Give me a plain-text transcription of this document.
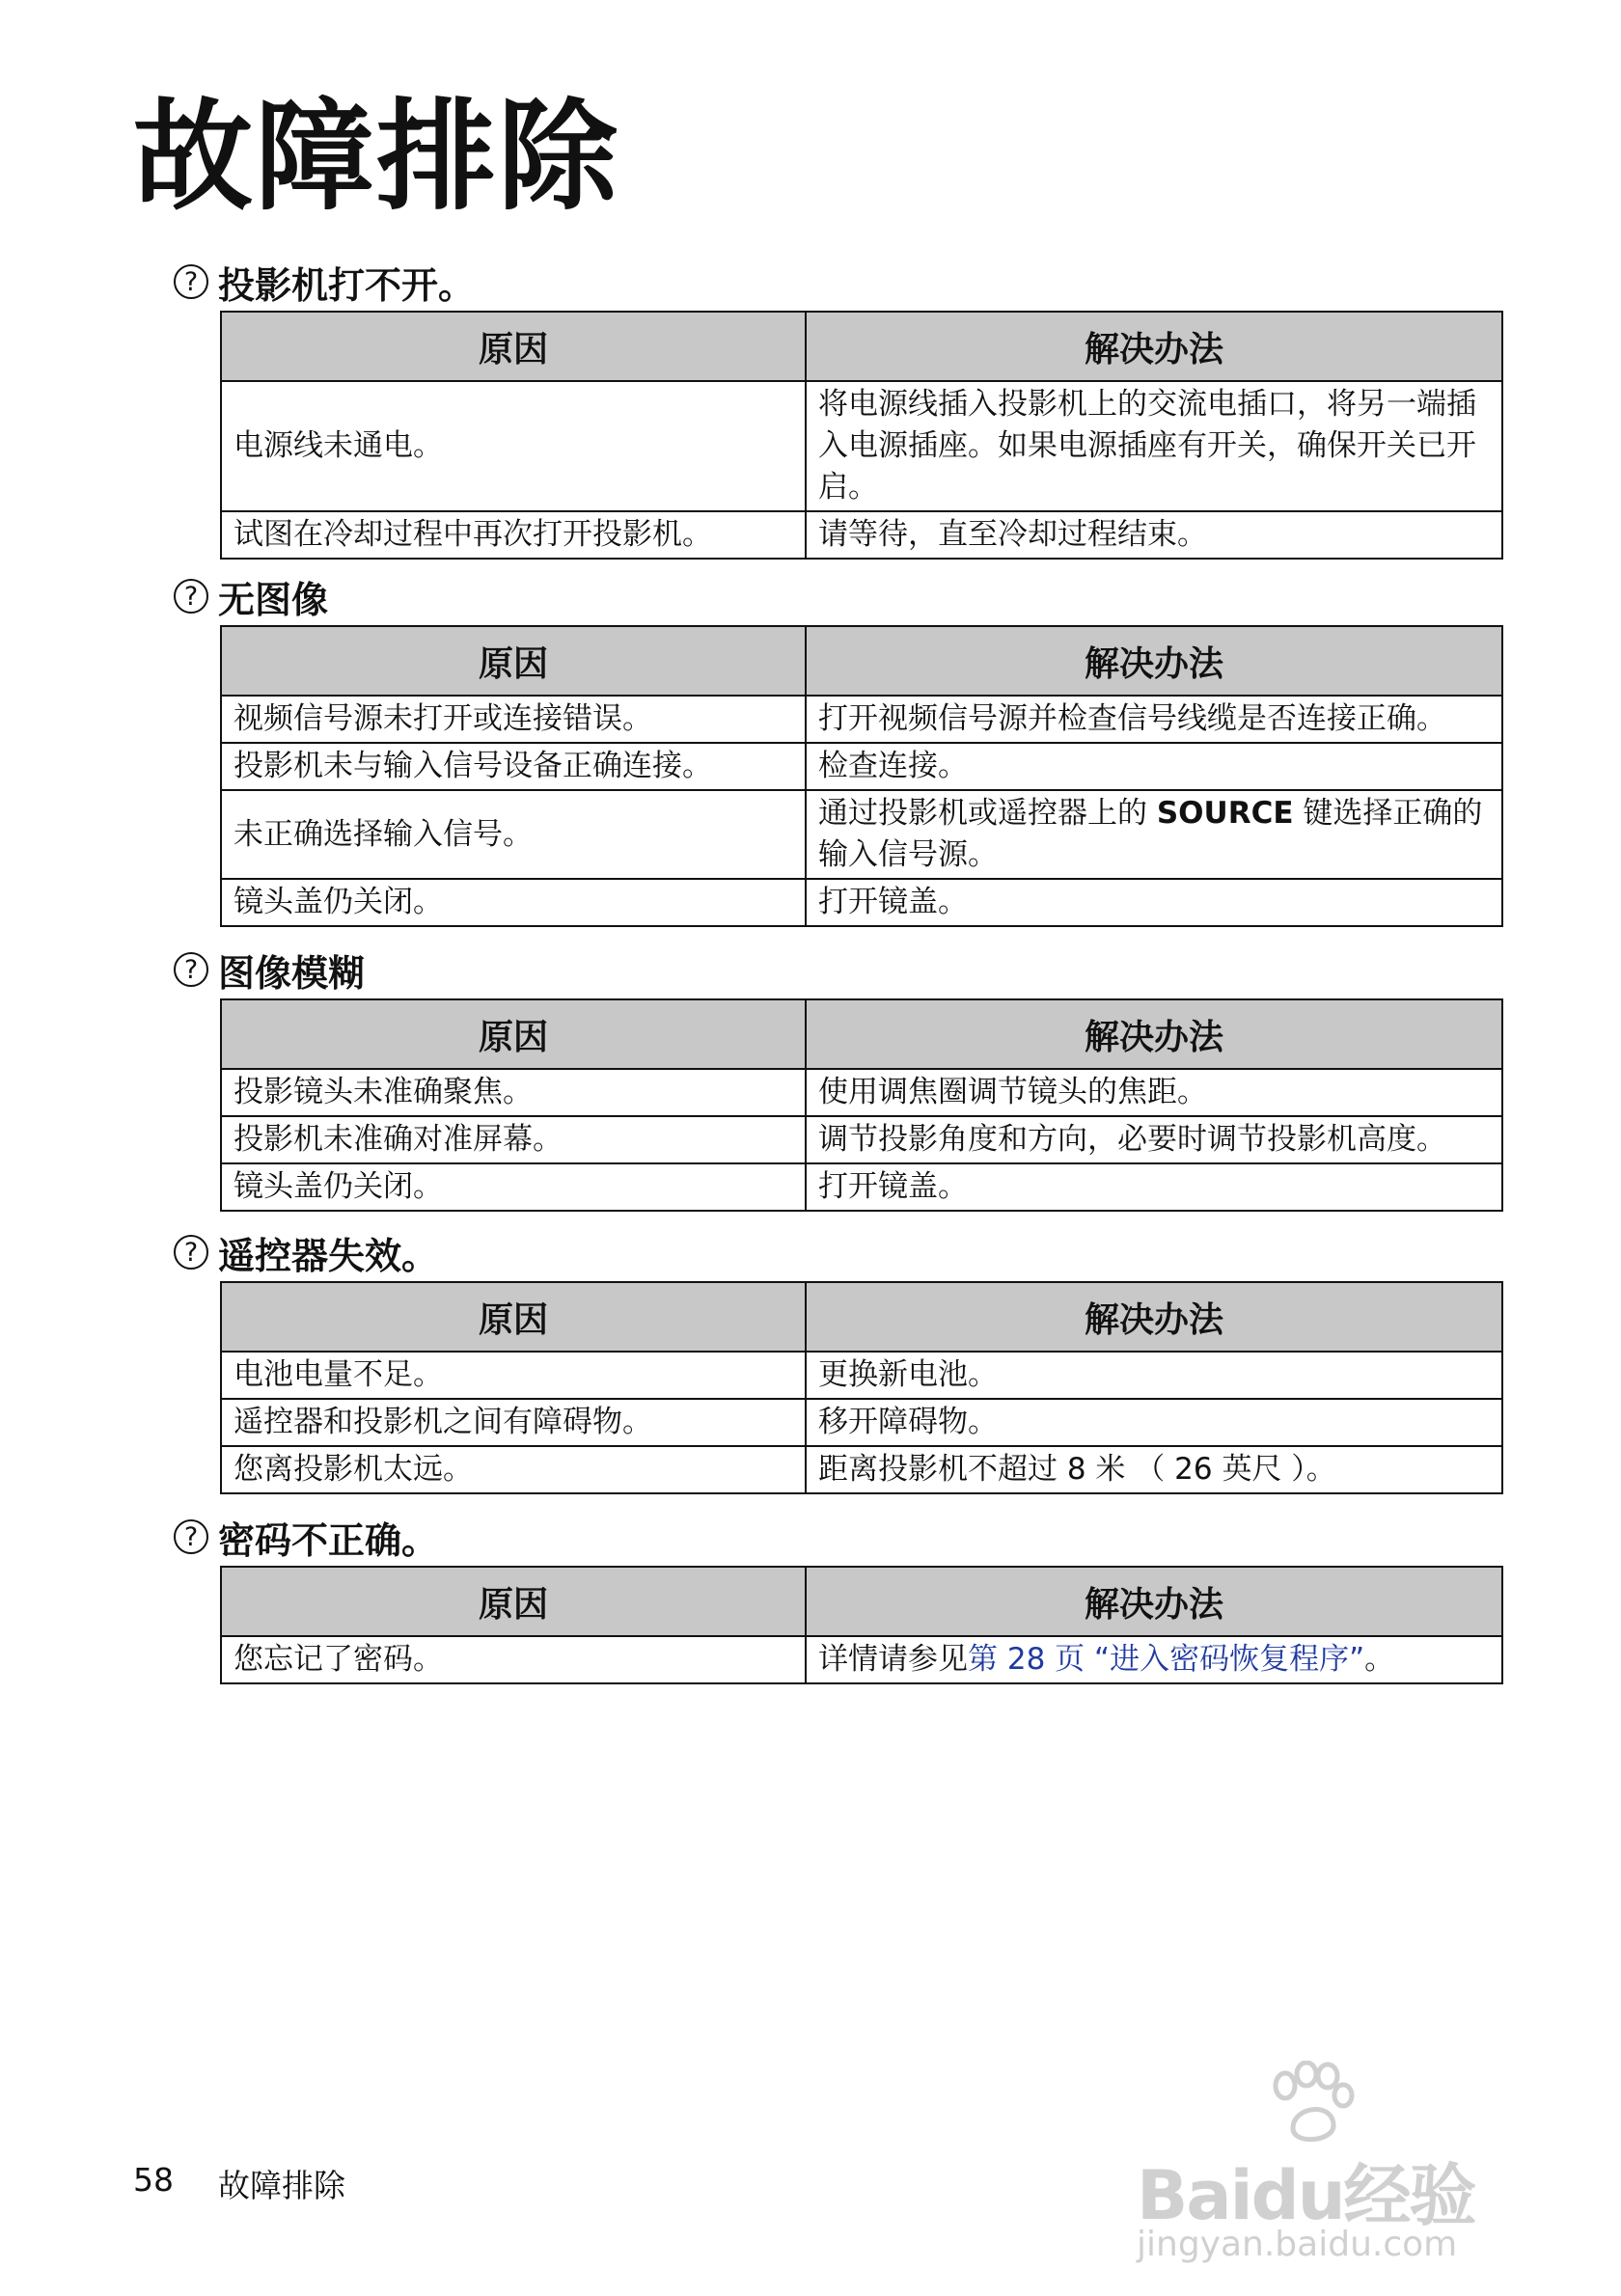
故障排除
? 投影机打不开。
原因	解决办法
电源线未通电。	将电源线插入投影机上的交流电插口，将另一端插入电源插座。如果电源插座有开关，确保开关已开启。
试图在冷却过程中再次打开投影机。	请等待，直至冷却过程结束。
? 无图像
原因	解决办法
视频信号源未打开或连接错误。	打开视频信号源并检查信号线缆是否连接正确。
投影机未与输入信号设备正确连接。	检查连接。
未正确选择输入信号。	通过投影机或遥控器上的 SOURCE 键选择正确的输入信号源。
镜头盖仍关闭。	打开镜盖。
? 图像模糊
原因	解决办法
投影镜头未准确聚焦。	使用调焦圈调节镜头的焦距。
投影机未准确对准屏幕。	调节投影角度和方向，必要时调节投影机高度。
镜头盖仍关闭。	打开镜盖。
? 遥控器失效。
原因	解决办法
电池电量不足。	更换新电池。
遥控器和投影机之间有障碍物。	移开障碍物。
您离投影机太远。	距离投影机不超过 8 米 （ 26 英尺 ）。
? 密码不正确。
原因	解决办法
您忘记了密码。	详情请参见第 28 页 “进入密码恢复程序”。
58 故障排除	Baidu经验
jingyan.baidu.com
